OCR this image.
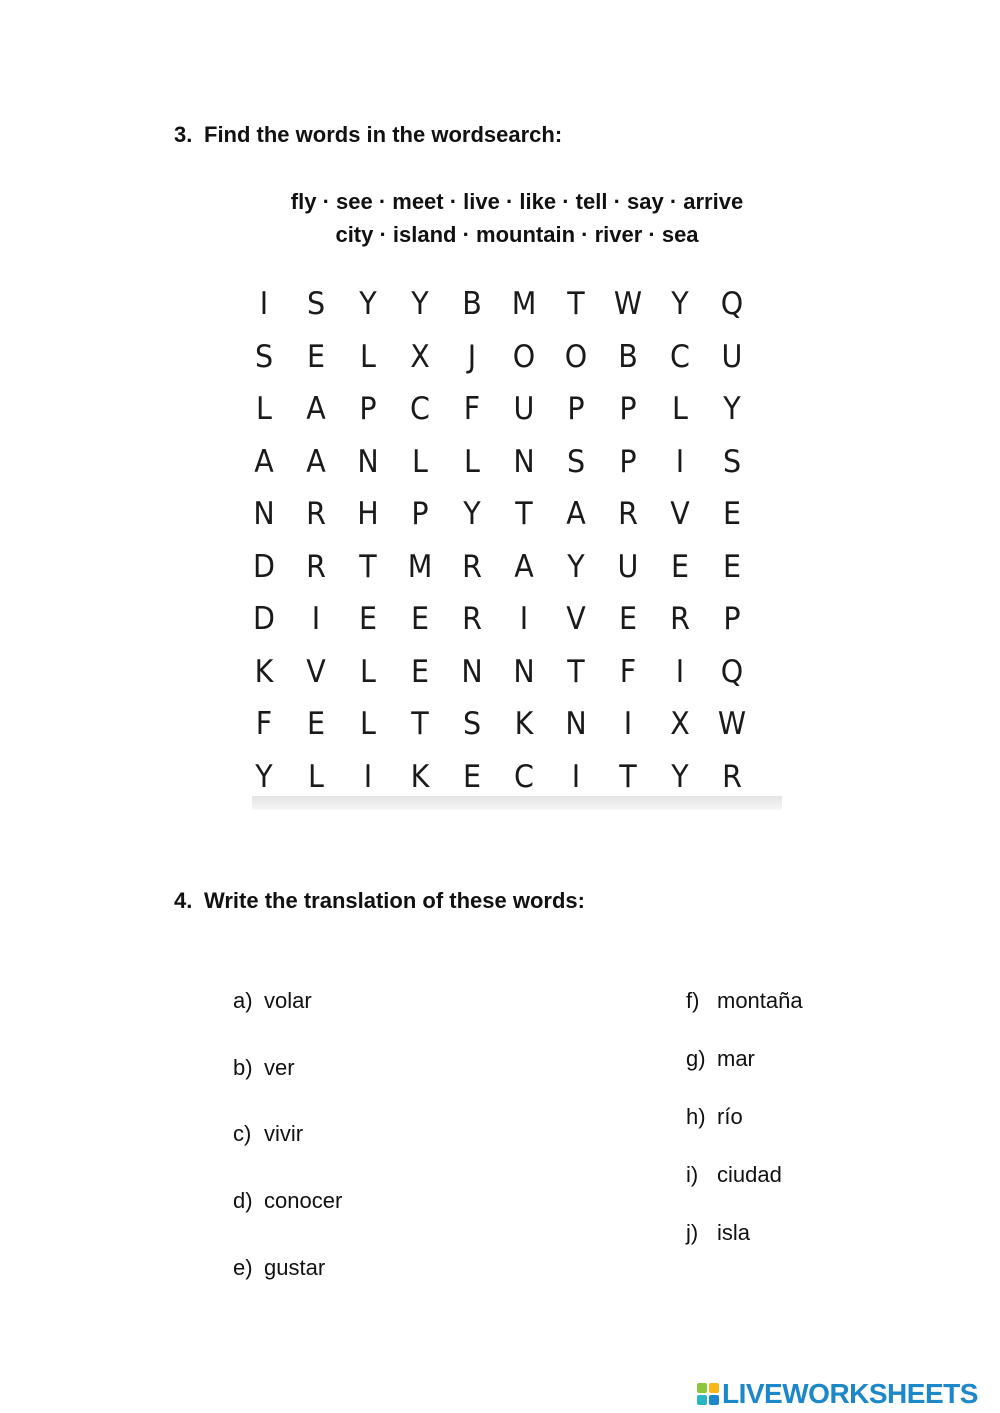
3. Find the words in the wordsearch:
fly · see · meet · live · like · tell · say · arrive
city · island · mountain · river · sea
I	S	Y	Y	B M T W Y	Q
S	E	L	X	J	O O B	C	U
L	A	P	C	F	U	P	P	L	Y
A	A	N	L	L	N	S	P	I	S
N	R	H	P	Y	T	A	R	V	E
D	R	T M R	A	Y	U	E	E
D	I	E	E	R	I	V	E	R	P
K	V	L	E	N N	T	F	I	Q
F	E	L	T	S	K	N	I	X W
Y	L	I	K	E	C	I	T	Y	R
4. Write the translation of these words:
a) volar
b) ver
c) vivir
d) conocer
e) gustar
f) montaña
g) mar
h) río
i) ciudad
j) isla
LIVEWORKSHEETS
